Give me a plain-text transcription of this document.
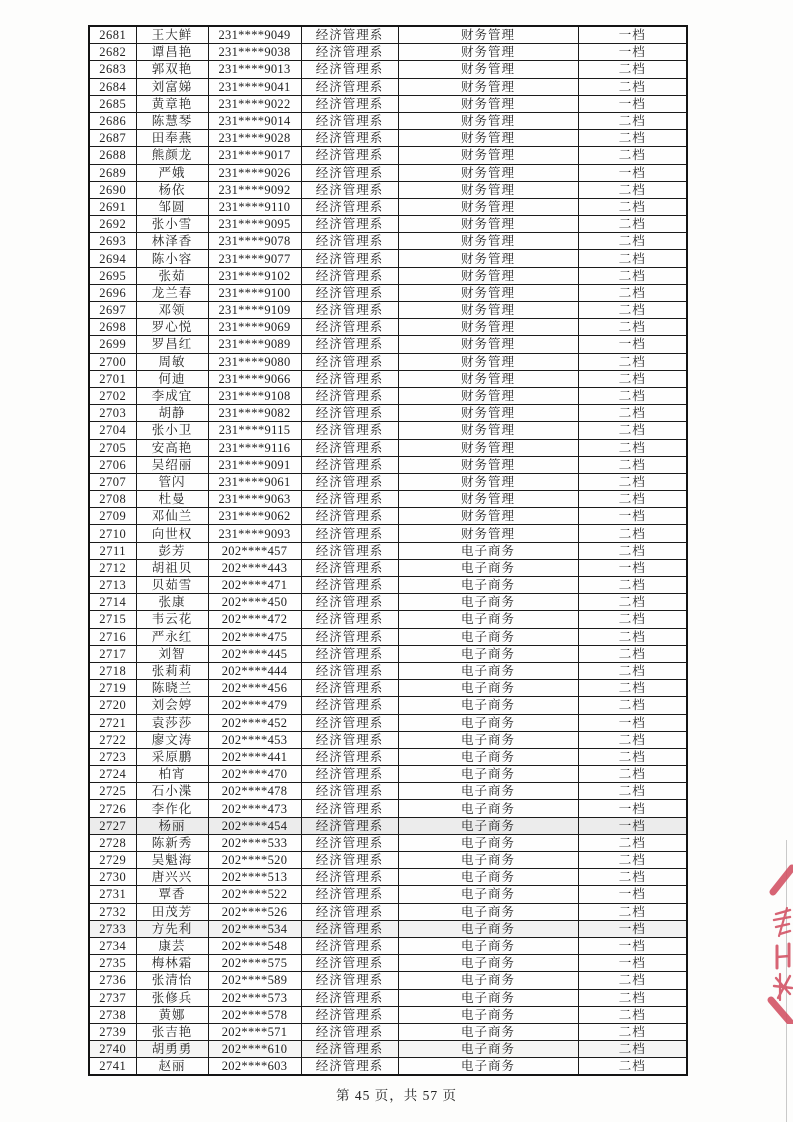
2681	王大鲜	231****9049	经济管理系	财务管理	一档
2682	谭昌艳	231****9038	经济管理系	财务管理	一档
2683	郭双艳	231****9013	经济管理系	财务管理	二档
2684	刘富娣	231****9041	经济管理系	财务管理	二档
2685	黄章艳	231****9022	经济管理系	财务管理	一档
2686	陈慧琴	231****9014	经济管理系	财务管理	二档
2687	田奉燕	231****9028	经济管理系	财务管理	二档
2688	熊颜龙	231****9017	经济管理系	财务管理	二档
2689	严娥	231****9026	经济管理系	财务管理	一档
2690	杨依	231****9092	经济管理系	财务管理	二档
2691	邹圆	231****9110	经济管理系	财务管理	二档
2692	张小雪	231****9095	经济管理系	财务管理	二档
2693	林泽香	231****9078	经济管理系	财务管理	二档
2694	陈小容	231****9077	经济管理系	财务管理	二档
2695	张茹	231****9102	经济管理系	财务管理	二档
2696	龙兰春	231****9100	经济管理系	财务管理	二档
2697	邓领	231****9109	经济管理系	财务管理	二档
2698	罗心悦	231****9069	经济管理系	财务管理	二档
2699	罗昌红	231****9089	经济管理系	财务管理	一档
2700	周敏	231****9080	经济管理系	财务管理	二档
2701	何迪	231****9066	经济管理系	财务管理	二档
2702	李成宜	231****9108	经济管理系	财务管理	二档
2703	胡静	231****9082	经济管理系	财务管理	二档
2704	张小卫	231****9115	经济管理系	财务管理	二档
2705	安高艳	231****9116	经济管理系	财务管理	二档
2706	吴绍丽	231****9091	经济管理系	财务管理	二档
2707	管闪	231****9061	经济管理系	财务管理	二档
2708	杜曼	231****9063	经济管理系	财务管理	二档
2709	邓仙兰	231****9062	经济管理系	财务管理	一档
2710	向世权	231****9093	经济管理系	财务管理	二档
2711	彭芳	202****457	经济管理系	电子商务	二档
2712	胡祖贝	202****443	经济管理系	电子商务	一档
2713	贝茹雪	202****471	经济管理系	电子商务	二档
2714	张康	202****450	经济管理系	电子商务	二档
2715	韦云花	202****472	经济管理系	电子商务	二档
2716	严永红	202****475	经济管理系	电子商务	二档
2717	刘智	202****445	经济管理系	电子商务	二档
2718	张莉莉	202****444	经济管理系	电子商务	二档
2719	陈晓兰	202****456	经济管理系	电子商务	二档
2720	刘会婷	202****479	经济管理系	电子商务	二档
2721	袁莎莎	202****452	经济管理系	电子商务	一档
2722	廖文涛	202****453	经济管理系	电子商务	二档
2723	采原鹏	202****441	经济管理系	电子商务	二档
2724	柏宵	202****470	经济管理系	电子商务	二档
2725	石小渫	202****478	经济管理系	电子商务	二档
2726	李作化	202****473	经济管理系	电子商务	一档
2727	杨丽	202****454	经济管理系	电子商务	一档
2728	陈新秀	202****533	经济管理系	电子商务	二档
2729	吴魁海	202****520	经济管理系	电子商务	二档
2730	唐兴兴	202****513	经济管理系	电子商务	二档
2731	覃香	202****522	经济管理系	电子商务	一档
2732	田茂芳	202****526	经济管理系	电子商务	二档
2733	方先利	202****534	经济管理系	电子商务	一档
2734	康芸	202****548	经济管理系	电子商务	一档
2735	梅林霜	202****575	经济管理系	电子商务	一档
2736	张清怡	202****589	经济管理系	电子商务	二档
2737	张修兵	202****573	经济管理系	电子商务	二档
2738	黄娜	202****578	经济管理系	电子商务	二档
2739	张吉艳	202****571	经济管理系	电子商务	二档
2740	胡勇勇	202****610	经济管理系	电子商务	二档
2741	赵丽	202****603	经济管理系	电子商务	二档
第 45 页，共 57 页
